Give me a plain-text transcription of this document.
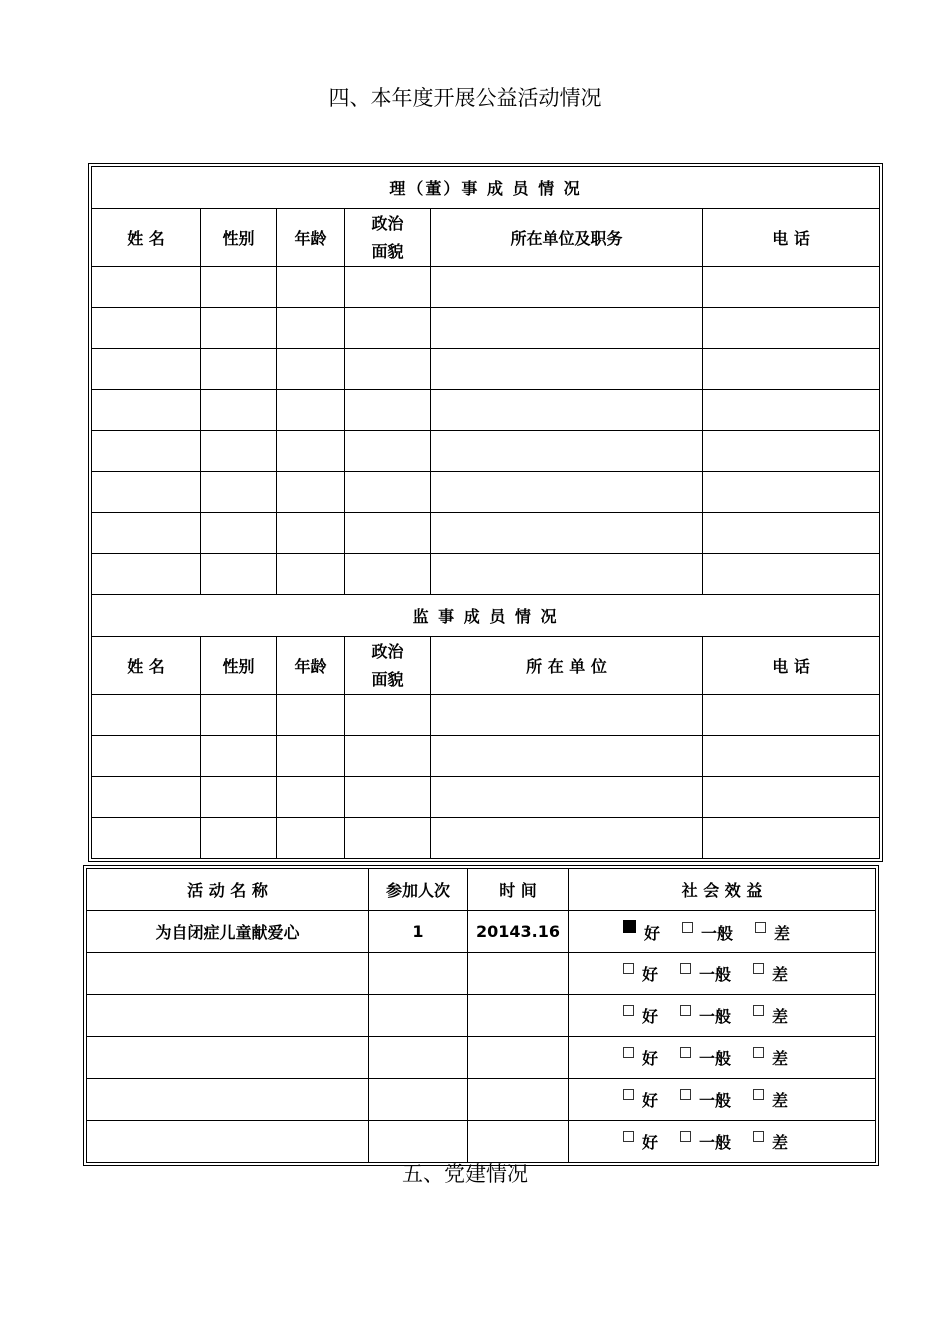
四、本年度开展公益活动情况
理（董）事 成 员 情 况					
姓 名	性别	年龄	政治面貌	所在单位及职务	电 话

监 事 成 员 情 况					
姓 名	性别	年龄	政治面貌	所 在 单 位	电 话

活 动 名 称	参加人次	时 间	社 会 效 益
为自闭症儿童献爱心	1	20143.16	好 一般 差
			好 一般 差
			好 一般 差
			好 一般 差
			好 一般 差
			好 一般 差
五、党建情况
